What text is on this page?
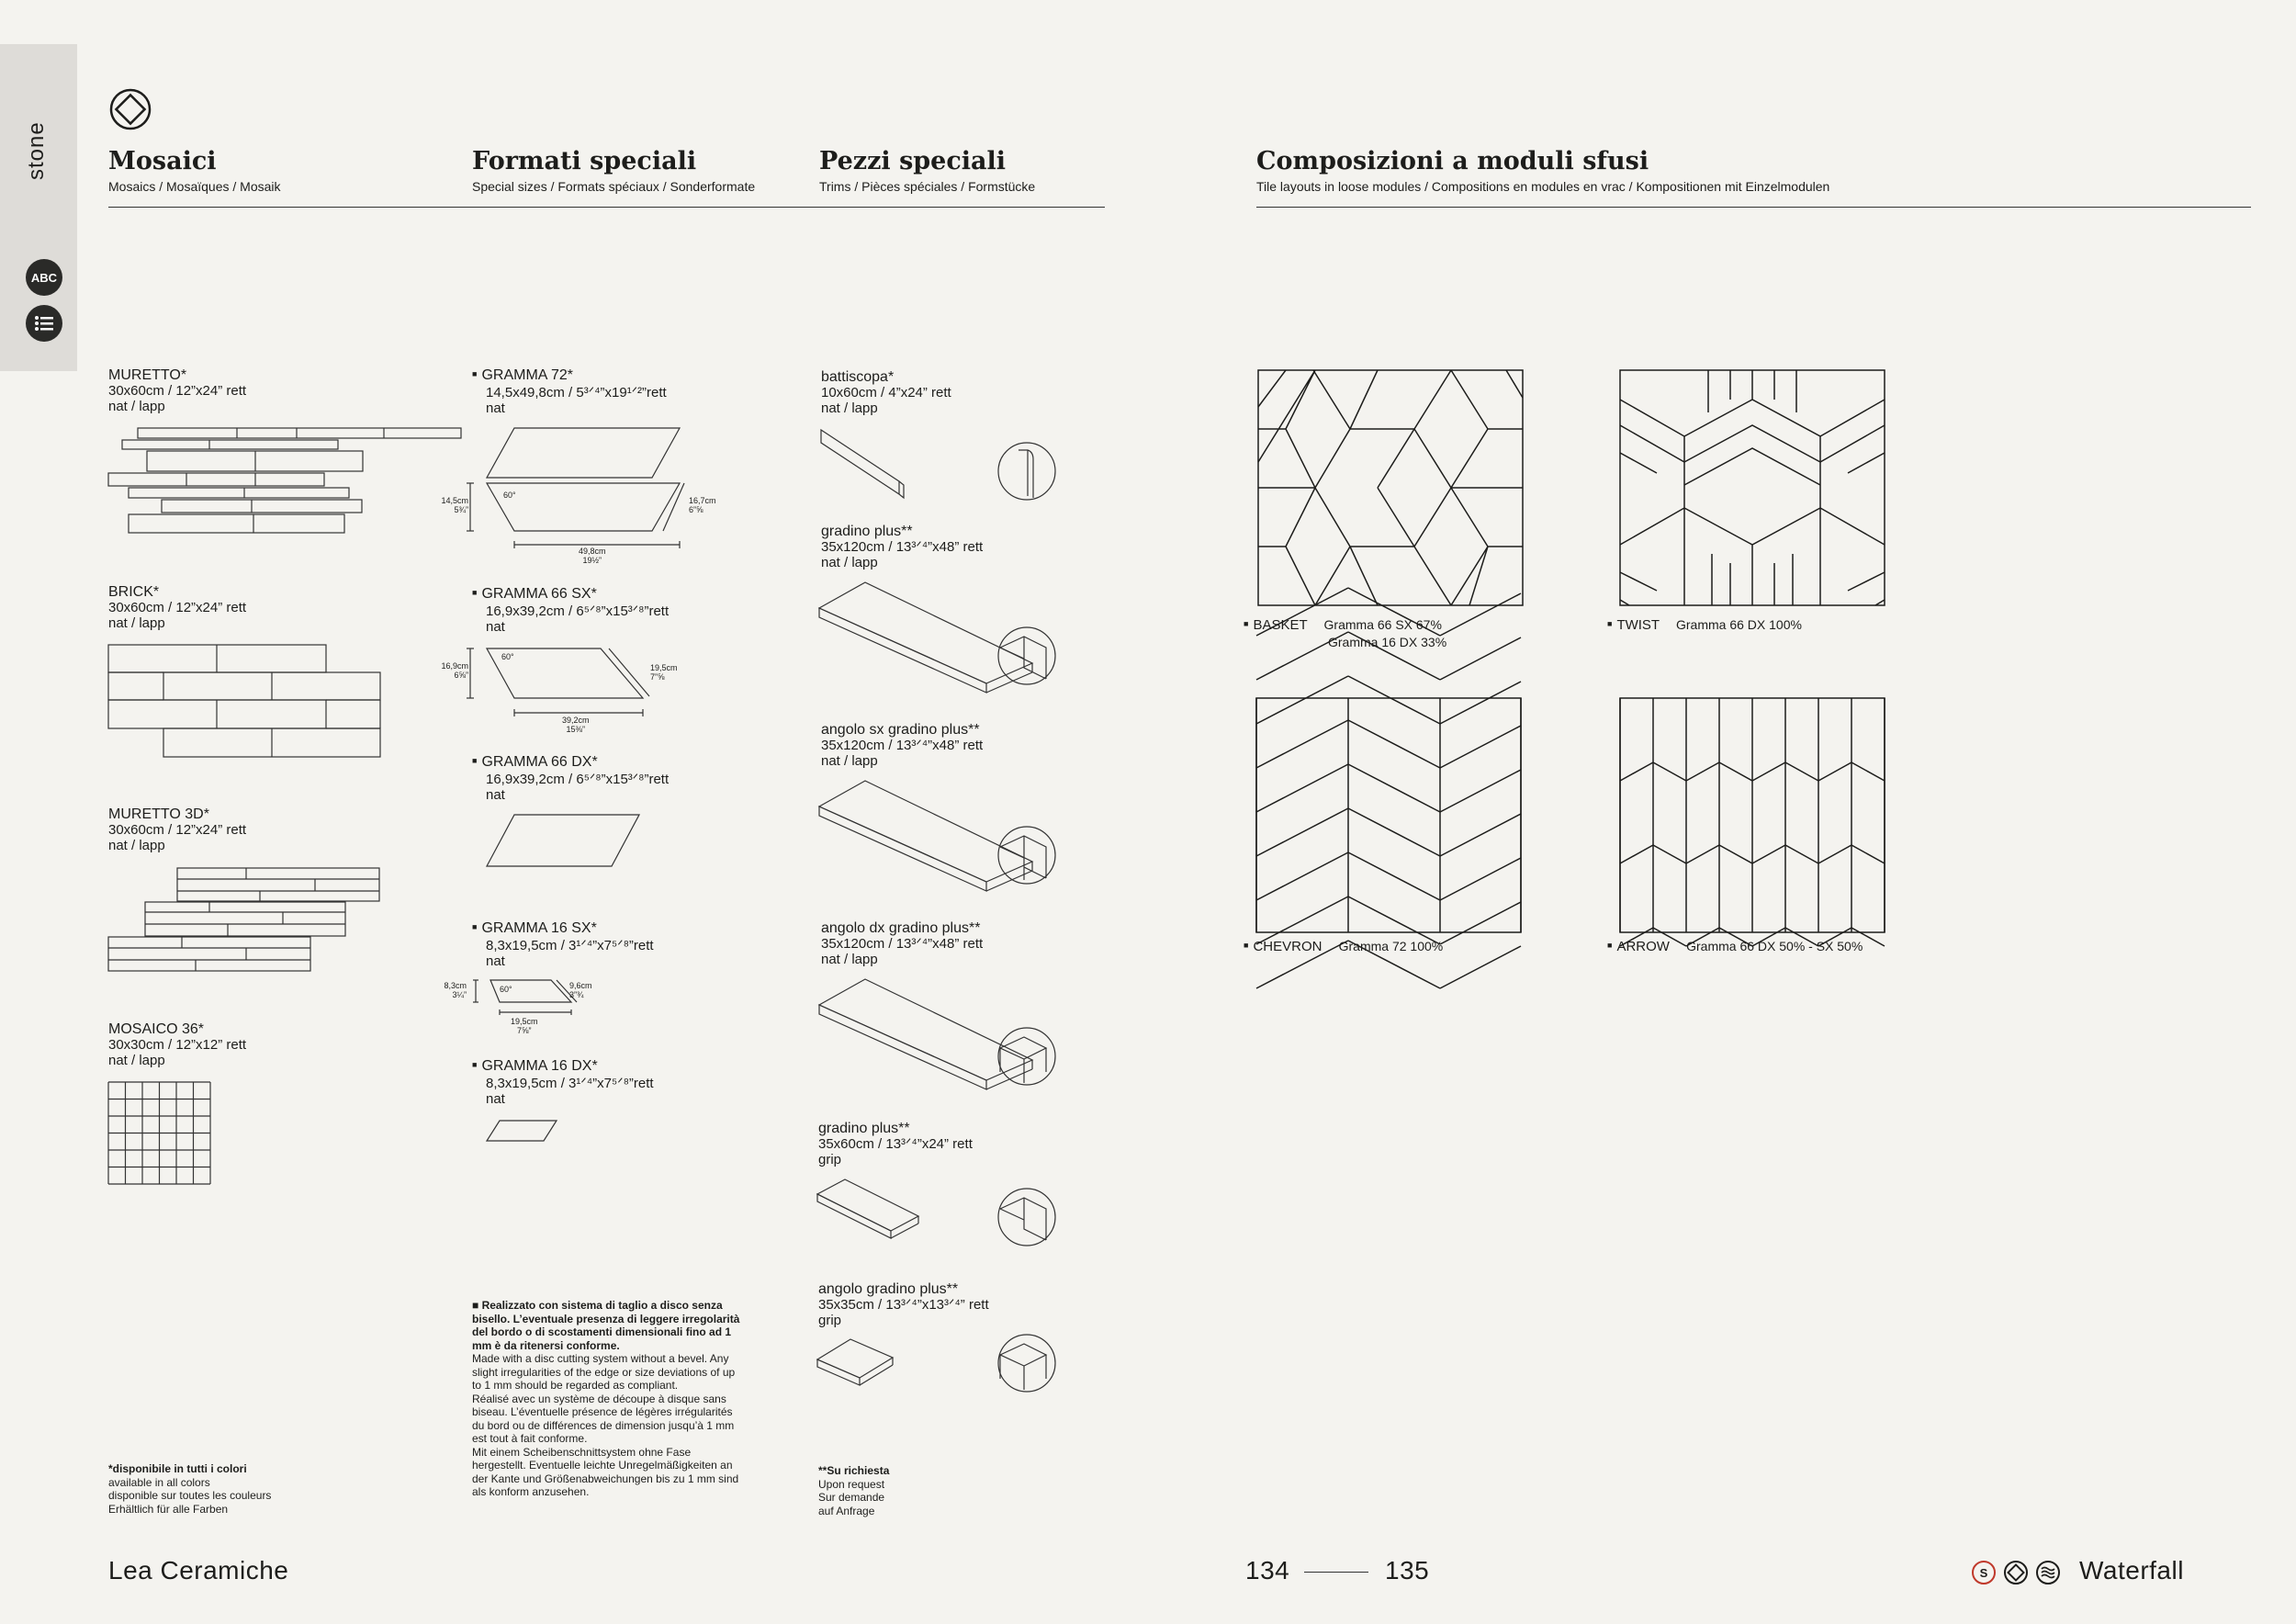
stone
ABC
Mosaici
Mosaics / Mosaïques / Mosaik
Formati speciali
Special sizes / Formats spéciaux / Sonderformate
Pezzi speciali
Trims / Pièces spéciales / Formstücke
Composizioni a moduli sfusi
Tile layouts in loose modules / Compositions en modules en vrac / Kompositionen mit Einzelmodulen
MURETTO*
30x60cm / 12”x24” rett
nat / lapp
BRICK*
30x60cm / 12”x24” rett
nat / lapp
MURETTO 3D*
30x60cm / 12”x24” rett
nat / lapp
MOSAICO 36*
30x30cm / 12”x12” rett
nat / lapp
■ GRAMMA 72*
14,5x49,8cm / 5³ᐟ⁴”x19¹ᐟ²”rett
nat
14,5cm
5¾”
16,7cm
6”⅝
60°
49,8cm
19½”
■ GRAMMA 66 SX*
16,9x39,2cm / 6⁵ᐟ⁸”x15³ᐟ⁸”rett
nat
16,9cm
6⅝”
19,5cm
7”⅝
60°
39,2cm
15⅜”
■ GRAMMA 66 DX*
16,9x39,2cm / 6⁵ᐟ⁸”x15³ᐟ⁸”rett
nat
■ GRAMMA 16 SX*
8,3x19,5cm / 3¹ᐟ⁴”x7⁵ᐟ⁸”rett
nat
8,3cm
3¼”
9,6cm
3”¾
60°
19,5cm
7⅝”
■ GRAMMA 16 DX*
8,3x19,5cm / 3¹ᐟ⁴”x7⁵ᐟ⁸”rett
nat
battiscopa*
10x60cm / 4”x24” rett
nat / lapp
gradino plus**
35x120cm / 13³ᐟ⁴”x48” rett
nat / lapp
angolo sx gradino plus**
35x120cm / 13³ᐟ⁴”x48” rett
nat / lapp
angolo dx gradino plus**
35x120cm / 13³ᐟ⁴”x48” rett
nat / lapp
gradino plus**
35x60cm / 13³ᐟ⁴”x24” rett
grip
angolo gradino plus**
35x35cm / 13³ᐟ⁴”x13³ᐟ⁴” rett
grip
■ BASKET Gramma 66 SX 67%
Gramma 16 DX 33%
■ TWIST Gramma 66 DX 100%
■ CHEVRON Gramma 72 100%
■	ARROW Gramma 66 DX 50% - SX 50%
*disponibile in tutti i colori
available in all colors
disponible sur toutes les couleurs
Erhältlich für alle Farben
■ Realizzato con sistema di taglio a disco senza bisello. L’eventuale presenza di leggere irregolarità del bordo o di scostamenti dimensionali fino ad 1 mm è da ritenersi conforme.
Made with a disc cutting system without a bevel. Any slight irregularities of the edge or size deviations of up to 1 mm should be regarded as compliant.
Réalisé avec un système de découpe à disque sans biseau. L’éventuelle présence de légères irrégularités du bord ou de différences de dimension jusqu’à 1 mm est tout à fait conforme.
Mit einem Scheibenschnittsystem ohne Fase hergestellt. Eventuelle leichte Unregelmäßigkeiten an der Kante und Größenabweichungen bis zu 1 mm sind als konform anzusehen.
**Su richiesta
Upon request
Sur demande
auf Anfrage
Lea Ceramiche	134	135	S	Waterfall
